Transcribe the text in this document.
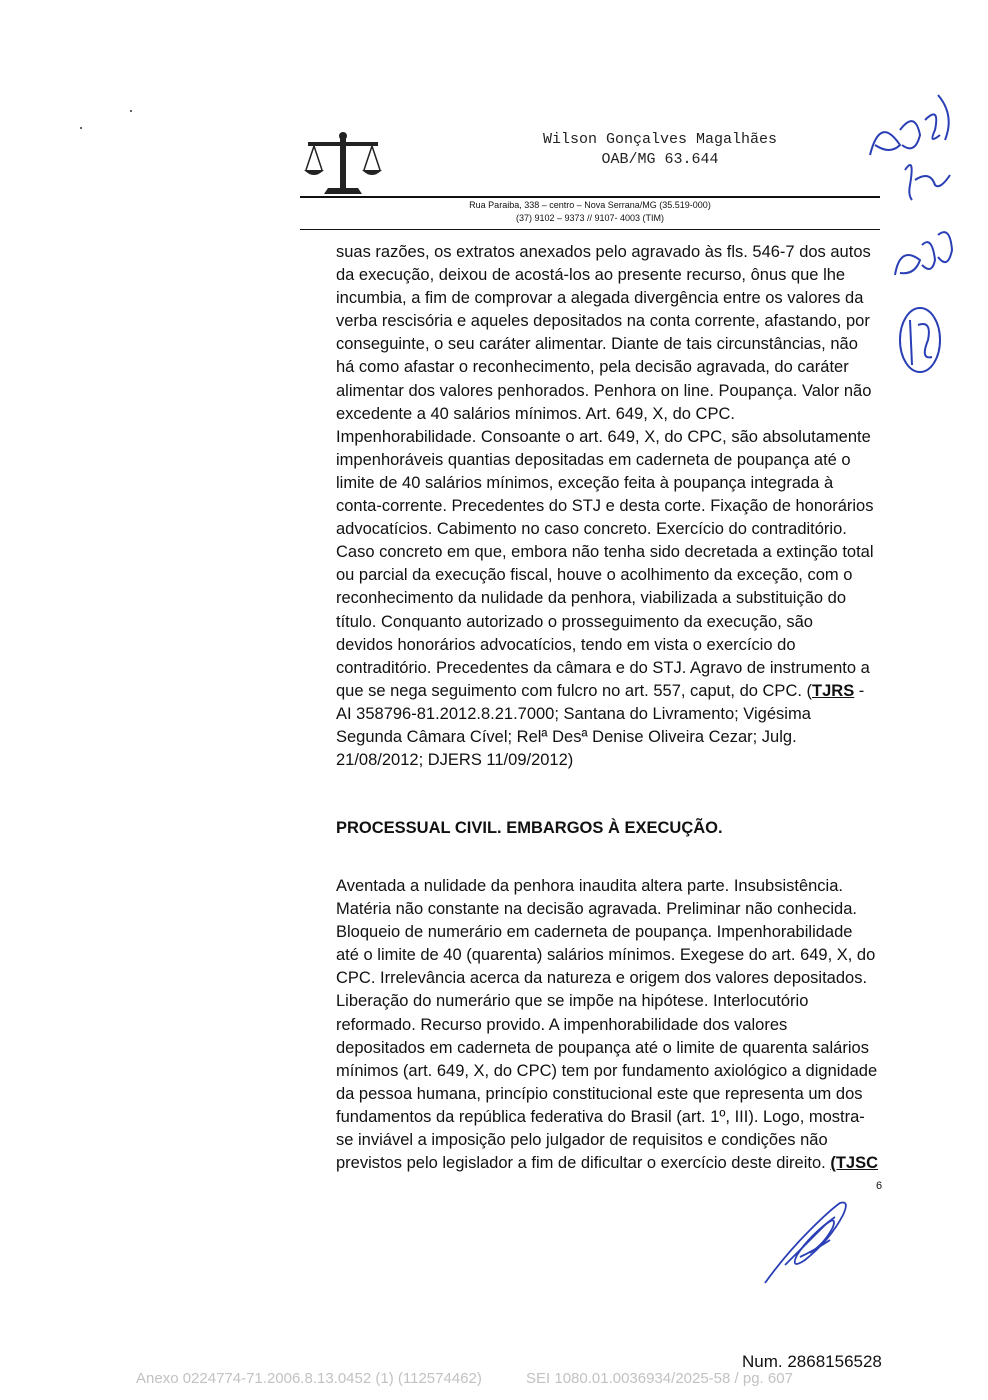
Wilson Gonçalves Magalhães
OAB/MG 63.644
Rua Paraiba, 338 – centro – Nova Serrana/MG (35.519-000)
(37) 9102 – 9373 // 9107- 4003 (TIM)
suas razões, os extratos anexados pelo agravado às fls. 546-7 dos autos
da execução, deixou de acostá-los ao presente recurso, ônus que lhe
incumbia, a fim de comprovar a alegada divergência entre os valores da
verba rescisória e aqueles depositados na conta corrente, afastando, por
conseguinte, o seu caráter alimentar. Diante de tais circunstâncias, não
há como afastar o reconhecimento, pela decisão agravada, do caráter
alimentar dos valores penhorados. Penhora on line. Poupança. Valor não
excedente a 40 salários mínimos. Art. 649, X, do CPC.
Impenhorabilidade. Consoante o art. 649, X, do CPC, são absolutamente
impenhoráveis quantias depositadas em caderneta de poupança até o
limite de 40 salários mínimos, exceção feita à poupança integrada à
conta-corrente. Precedentes do STJ e desta corte. Fixação de honorários
advocatícios. Cabimento no caso concreto. Exercício do contraditório.
Caso concreto em que, embora não tenha sido decretada a extinção total
ou parcial da execução fiscal, houve o acolhimento da exceção, com o
reconhecimento da nulidade da penhora, viabilizada a substituição do
título. Conquanto autorizado o prosseguimento da execução, são
devidos honorários advocatícios, tendo em vista o exercício do
contraditório. Precedentes da câmara e do STJ. Agravo de instrumento a
que se nega seguimento com fulcro no art. 557, caput, do CPC. (TJRS -
AI 358796-81.2012.8.21.7000; Santana do Livramento; Vigésima
Segunda Câmara Cível; Relª Desª Denise Oliveira Cezar; Julg.
21/08/2012; DJERS 11/09/2012)
PROCESSUAL CIVIL. EMBARGOS À EXECUÇÃO.
Aventada a nulidade da penhora inaudita altera parte. Insubsistência.
Matéria não constante na decisão agravada. Preliminar não conhecida.
Bloqueio de numerário em caderneta de poupança. Impenhorabilidade
até o limite de 40 (quarenta) salários mínimos. Exegese do art. 649, X, do
CPC. Irrelevância acerca da natureza e origem dos valores depositados.
Liberação do numerário que se impõe na hipótese. Interlocutório
reformado. Recurso provido. A impenhorabilidade dos valores
depositados em caderneta de poupança até o limite de quarenta salários
mínimos (art. 649, X, do CPC) tem por fundamento axiológico a dignidade
da pessoa humana, princípio constitucional este que representa um dos
fundamentos da república federativa do Brasil (art. 1º, III). Logo, mostra-
se inviável a imposição pelo julgador de requisitos e condições não
previstos pelo legislador a fim de dificultar o exercício deste direito. (TJSC
6
Num. 2868156528
Anexo 0224774-71.2006.8.13.0452 (1) (112574462)	SEI 1080.01.0036934/2025-58 / pg. 607
